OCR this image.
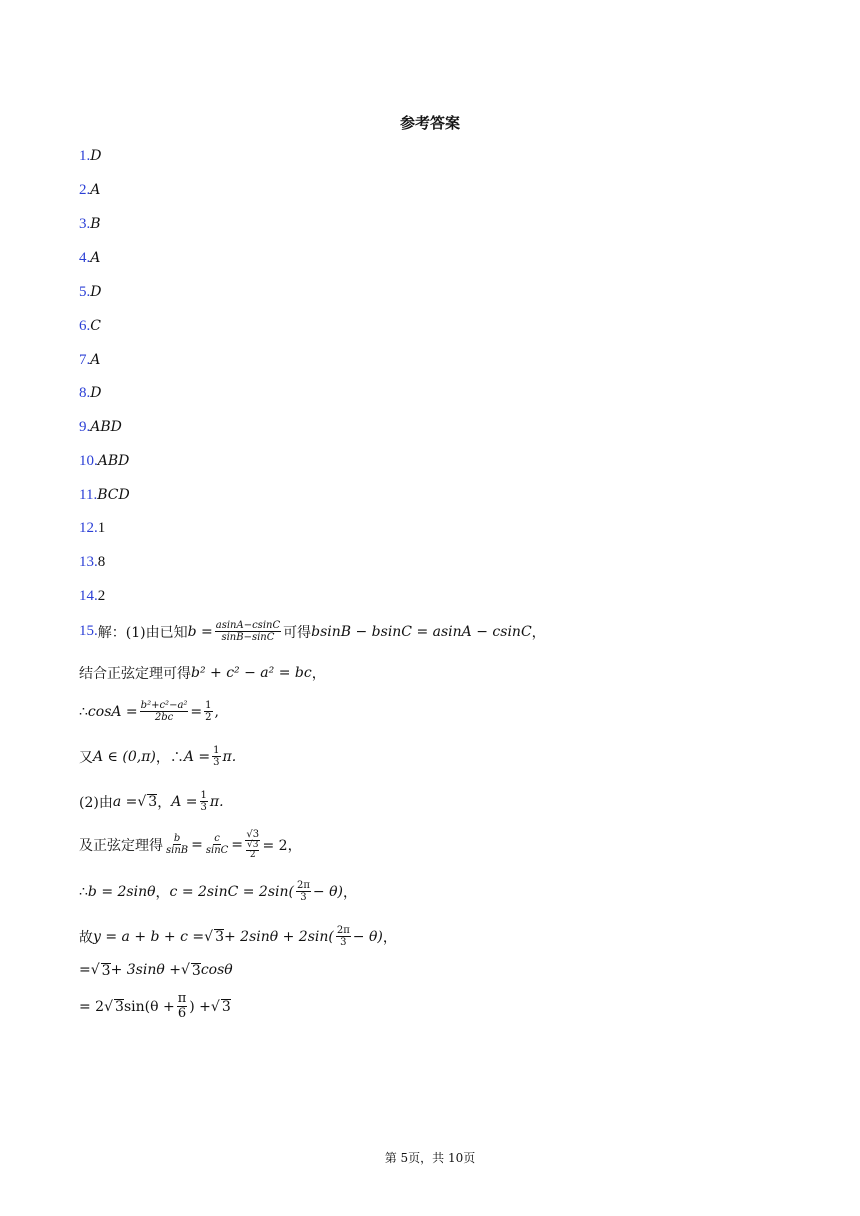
参考答案
1.D
2.A
3.B
4.A
5.D
6.C
7.A
8.D
9.ABD
10.ABD
11.BCD
12.1
13.8
14.2
15. 解：(1)由已知 $b = \frac{asinA-csinC}{\sin B-\sin C}$ 可得 bsinB − bsinC = asinA − csinC ，
结合正弦定理可得 b² + c² − a² = bc ，
∴ $\cos A = \frac{\text{b²+c²−a²}}{2bc} = \frac{1}{2}$ ,
又 A ∈ (0,π) ，∴ $A = \frac{1}{3} \pi$.
(2)由 a = √ 3 ， $A = \frac{1}{3} \pi$.
及正弦定理得 $\frac{b}{\sin B} = \frac{c}{\sin C} = \frac{√3}{\frac{√3}{2}} = 2$，
∴ b = 2sinθ ， $c = 2\sin C = 2\sin( \frac{2\pi}{3} - \theta)$ ，
故 y = a + b + c = √ $3 + 2\sin\theta + 2\sin( \frac{2\pi}{3} - \theta)$ ，
= √ 3 + 3sinθ + √ 3 cosθ
= 2 √ 3 $\sin(\theta + \frac{\pi}{6}$ ) + √ 3
第 5页，共 10页
